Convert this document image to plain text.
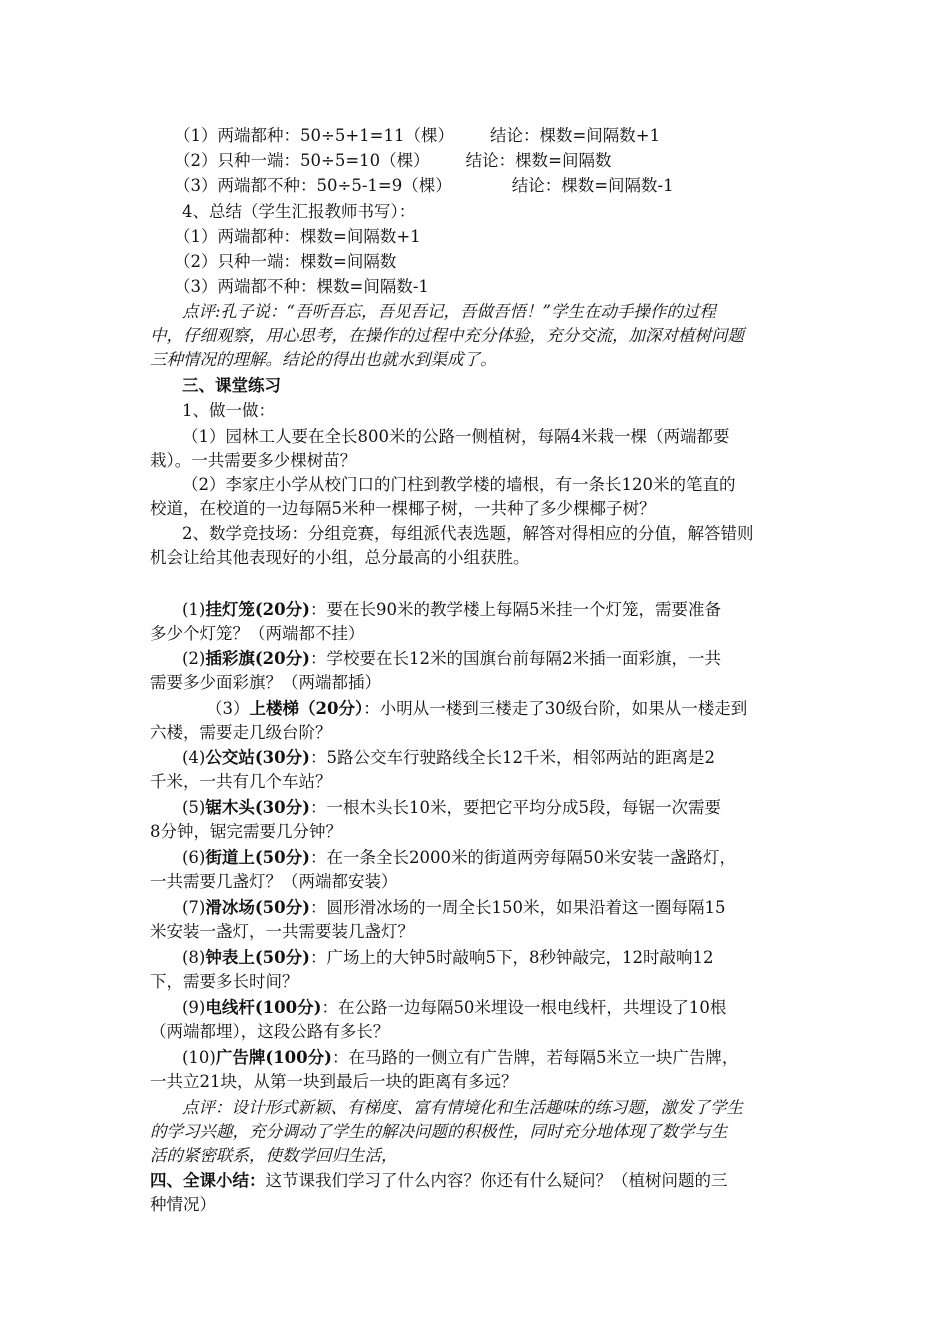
（1）两端都种：50÷5+1=11（棵） 结论：棵数=间隔数+1
（2）只种一端：50÷5=10（棵） 结论：棵数=间隔数
（3）两端都不种：50÷5-1=9（棵）	结论：棵数=间隔数-1
4、总结（学生汇报教师书写）：
（1）两端都种：棵数=间隔数+1
（2）只种一端：棵数=间隔数
（3）两端都不种：棵数=间隔数-1
点评:孔子说：“吾听吾忘，吾见吾记，吾做吾悟！”学生在动手操作的过程
中，仔细观察，用心思考，在操作的过程中充分体验，充分交流，加深对植树问题
三种情况的理解。结论的得出也就水到渠成了。
三、课堂练习
1、做一做：
（1）园林工人要在全长800米的公路一侧植树，每隔4米栽一棵（两端都要
栽）。一共需要多少棵树苗？
（2）李家庄小学从校门口的门柱到教学楼的墙根，有一条长120米的笔直的
校道，在校道的一边每隔5米种一棵椰子树，一共种了多少棵椰子树？
2、数学竞技场：分组竞赛，每组派代表选题，解答对得相应的分值，解答错则
机会让给其他表现好的小组，总分最高的小组获胜。
(1)挂灯笼(20分)：要在长90米的教学楼上每隔5米挂一个灯笼，需要准备
多少个灯笼？（两端都不挂）
(2)插彩旗(20分)：学校要在长12米的国旗台前每隔2米插一面彩旗，一共
需要多少面彩旗？（两端都插）
（3）上楼梯（20分）：小明从一楼到三楼走了30级台阶，如果从一楼走到
六楼，需要走几级台阶？
(4)公交站(30分)：5路公交车行驶路线全长12千米，相邻两站的距离是2
千米，一共有几个车站？
(5)锯木头(30分)：一根木头长10米，要把它平均分成5段，每锯一次需要
8分钟，锯完需要几分钟？
(6)街道上(50分)：在一条全长2000米的街道两旁每隔50米安装一盏路灯，
一共需要几盏灯？（两端都安装）
(7)滑冰场(50分)：圆形滑冰场的一周全长150米，如果沿着这一圈每隔15
米安装一盏灯，一共需要装几盏灯？
(8)钟表上(50分)：广场上的大钟5时敲响5下，8秒钟敲完，12时敲响12
下，需要多长时间？
(9)电线杆(100分)：在公路一边每隔50米埋设一根电线杆，共埋设了10根
（两端都埋），这段公路有多长？
(10)广告牌(100分)：在马路的一侧立有广告牌，若每隔5米立一块广告牌，
一共立21块，从第一块到最后一块的距离有多远？
点评：设计形式新颖、有梯度、富有情境化和生活趣味的练习题，激发了学生
的学习兴趣，充分调动了学生的解决问题的积极性，同时充分地体现了数学与生
活的紧密联系，使数学回归生活，
四、全课小结：这节课我们学习了什么内容？你还有什么疑问？（植树问题的三
种情况）
